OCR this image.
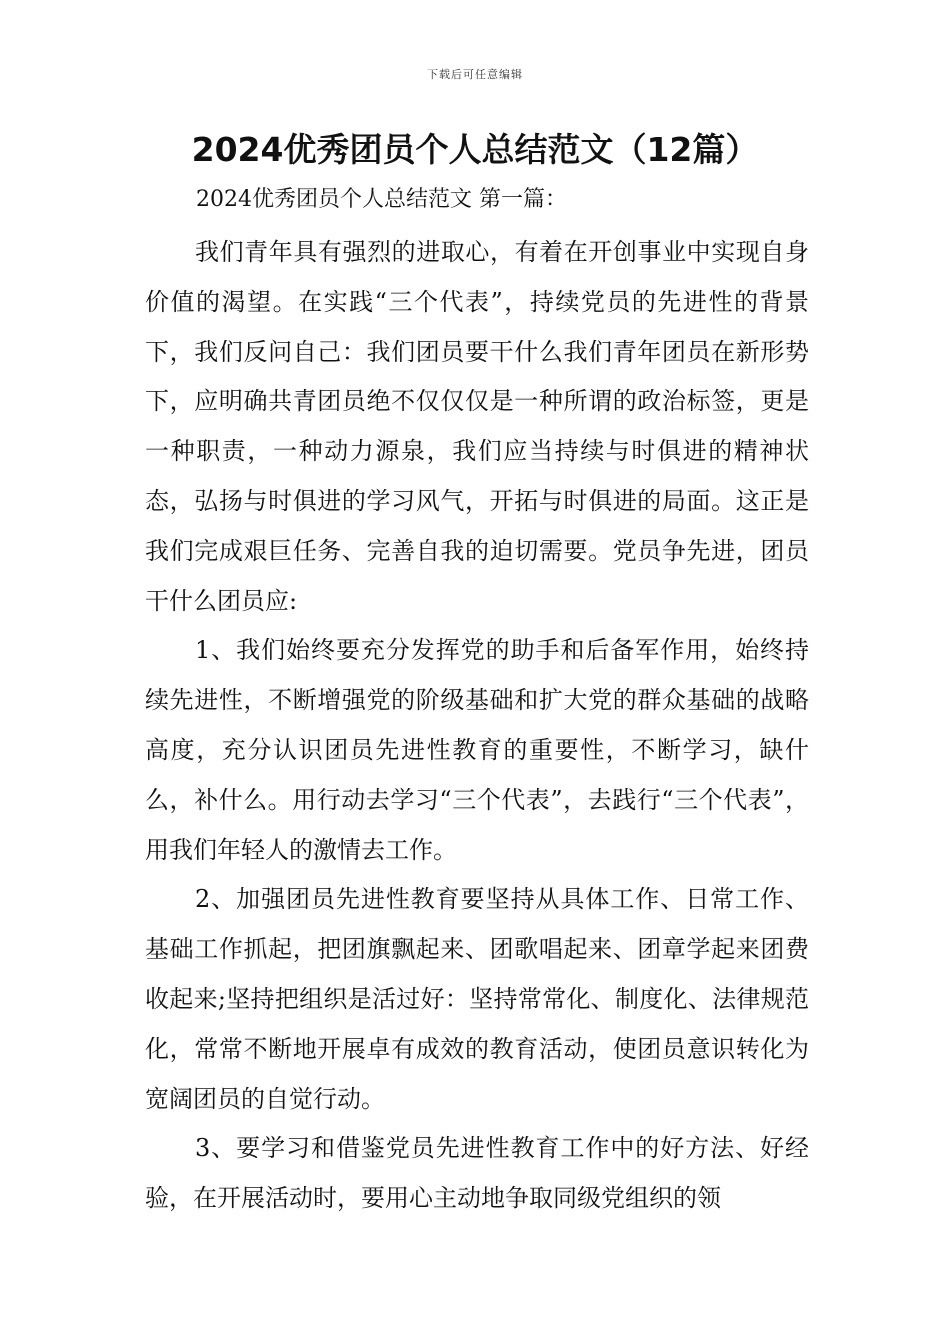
下载后可任意编辑
2024优秀团员个人总结范文（12篇）
2024优秀团员个人总结范文 第一篇：

我们青年具有强烈的进取心，有着在开创事业中实现自身价值的渴望。在实践“三个代表”，持续党员的先进性的背景下，我们反问自己：我们团员要干什么我们青年团员在新形势下，应明确共青团员绝不仅仅仅是一种所谓的政治标签，更是一种职责，一种动力源泉，我们应当持续与时俱进的精神状态，弘扬与时俱进的学习风气，开拓与时俱进的局面。这正是我们完成艰巨任务、完善自我的迫切需要。党员争先进，团员干什么团员应:

1、我们始终要充分发挥党的助手和后备军作用，始终持续先进性，不断增强党的阶级基础和扩大党的群众基础的战略高度，充分认识团员先进性教育的重要性，不断学习，缺什么，补什么。用行动去学习“三个代表”，去践行“三个代表”，用我们年轻人的激情去工作。

2、加强团员先进性教育要坚持从具体工作、日常工作、基础工作抓起，把团旗飘起来、团歌唱起来、团章学起来团费收起来;坚持把组织是活过好：坚持常常化、制度化、法律规范化，常常不断地开展卓有成效的教育活动，使团员意识转化为宽阔团员的自觉行动。

3、要学习和借鉴党员先进性教育工作中的好方法、好经验，在开展活动时，要用心主动地争取同级党组织的领
